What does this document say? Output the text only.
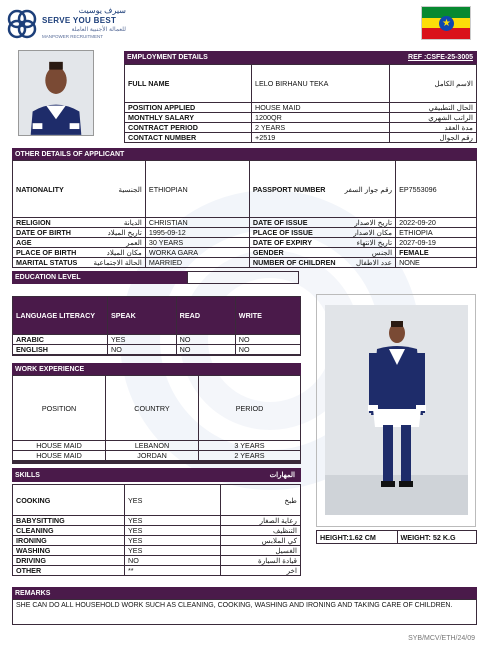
سيرف يوسيت
SERVE YOU BEST
للعمالة الأجنبية العاملة
MANPOWER RECRUITMENT
★
EMPLOYMENT DETAILS	REF :CSFE-25-3005
FULL NAME	LELO BIRHANU TEKA	الاسم الكامل
POSITION APPLIED	HOUSE MAID	الحال التطبيقي
MONTHLY SALARY	1200QR	الراتب الشهري
CONTRACT PERIOD	2 YEARS	مدة العقد
CONTACT NUMBER	+2519	رقم الجوال
OTHER DETAILS OF APPLICANT
NATIONALITY	الجنسية	ETHIOPIAN	PASSPORT NUMBER	رقم جواز السفر	EP7553096
RELIGION	الديانة	CHRISTIAN	DATE OF ISSUE	تاريخ الاصدار	2022-09-20
DATE OF BIRTH	تاريخ الميلاد	1995-09-12	PLACE OF ISSUE	مكان الاصدار	ETHIOPIA
AGE	العمر	30 YEARS	DATE OF EXPIRY	تاريخ الانتهاء	2027-09-19
PLACE OF BIRTH	مكان الميلاد	WORKA GARA	GENDER	الجنس	FEMALE
MARITAL STATUS	الحالة الاجتماعية	MARRIED	NUMBER OF CHILDREN	عدد الاطفال	NONE
EDUCATION LEVEL
LANGUAGE LITERACY	SPEAK	READ	WRITE
ARABIC	YES	NO	NO
ENGLISH	NO	NO	NO

HEIGHT:1.62 CM	WEIGHT: 52 K.G
WORK EXPERIENCE
POSITION	COUNTRY	PERIOD
HOUSE MAID	LEBANON	3 YEARS
HOUSE MAID	JORDAN	2 YEARS

SKILLS	المهارات
COOKING	YES	طبخ
BABYSITTING	YES	رعاية الصغار
CLEANING	YES	التنظيف
IRONING	YES	كي الملابس
WASHING	YES	الغسيل
DRIVING	NO	قيادة السيارة
OTHER	**	اخر
REMARKS
SHE CAN DO ALL HOUSEHOLD WORK SUCH AS CLEANING, COOKING, WASHING AND IRONING AND TAKING CARE OF CHILDREN.
SYB/MCV/ETH/24/09
